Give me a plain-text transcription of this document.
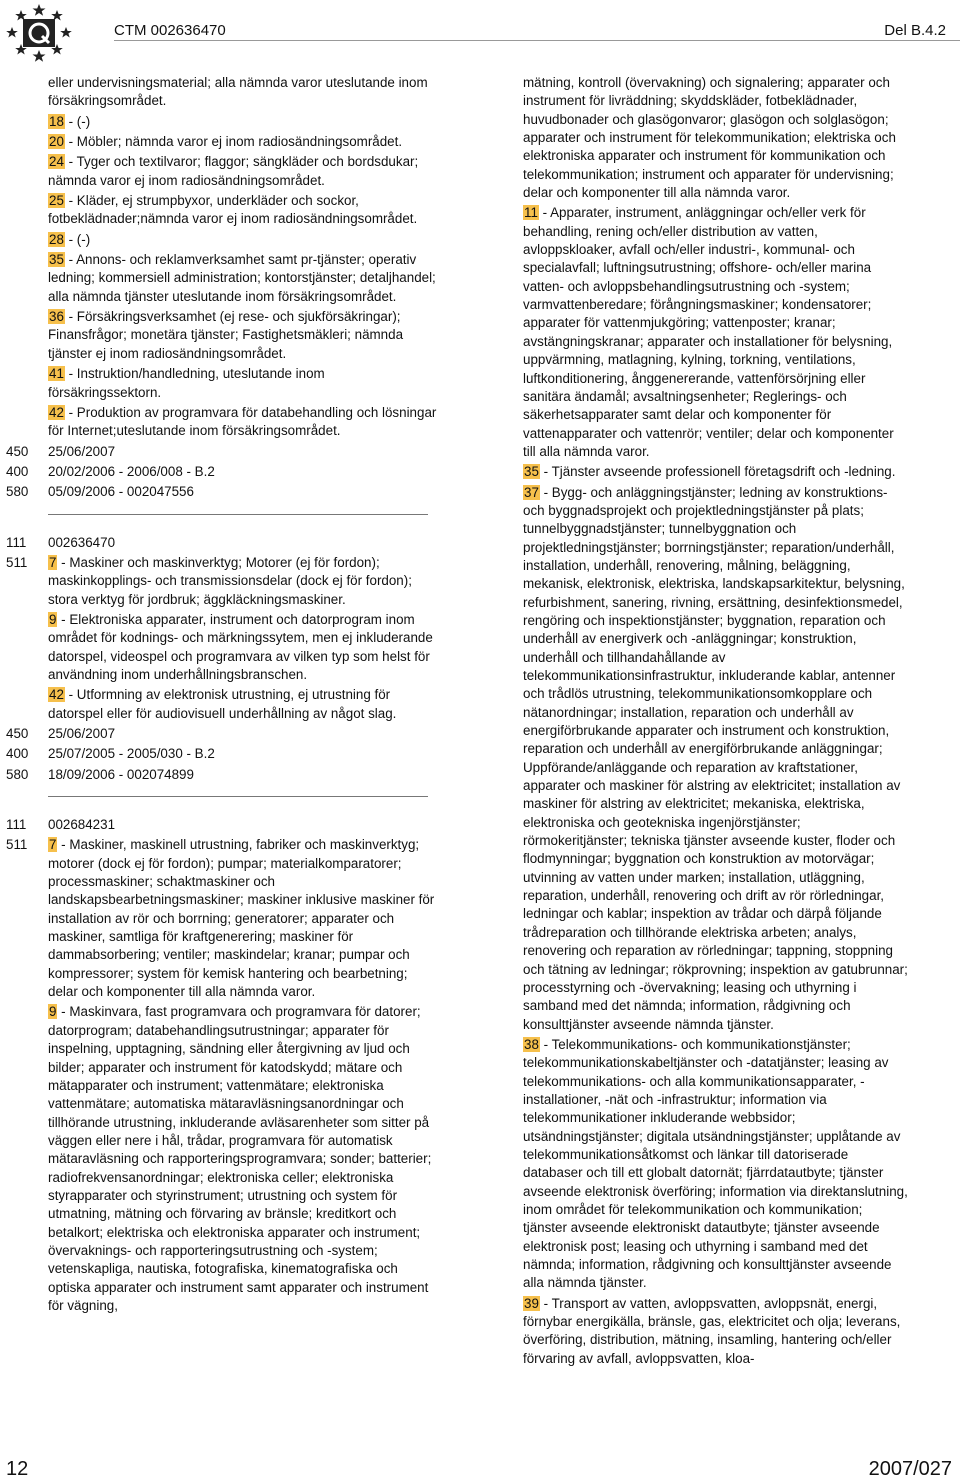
CTM 002636470	Del B.4.2

eller undervisningsmaterial; alla nämnda varor uteslutande inom försäkringsområdet.

18 - (-)

20 - Möbler; nämnda varor ej inom radiosändningsområdet.

24 - Tyger och textilvaror; flaggor; sängkläder och bordsdukar; nämnda varor ej inom radiosändningsområdet.

25 - Kläder, ej strumpbyxor, underkläder och sockor, fotbeklädnader;nämnda varor ej inom radiosändningsområdet.

28 - (-)

35 - Annons- och reklamverksamhet samt pr-tjänster; operativ ledning; kommersiell administration; kontorstjänster; detaljhandel; alla nämnda tjänster uteslutande inom försäkringsområdet.

36 - Försäkringsverksamhet (ej rese- och sjukförsäkringar); Finansfrågor; monetära tjänster; Fastighetsmäkleri; nämnda tjänster ej inom radiosändningsområdet.

41 - Instruktion/handledning, uteslutande inom försäkringssektorn.

42 - Produktion av programvara för databehandling och lösningar för Internet;uteslutande inom försäkringsområdet.

450	25/06/2007

400	20/02/2006 - 2006/008 - B.2

580	05/09/2006 - 002047556

111	002636470

511	7 - Maskiner och maskinverktyg; Motorer (ej för fordon); maskinkopplings- och transmissionsdelar (dock ej för fordon); stora verktyg för jordbruk; äggkläckningsmaskiner.

9 - Elektroniska apparater, instrument och datorprogram inom området för kodnings- och märkningssytem, men ej inkluderande datorspel, videospel och programvara av vilken typ som helst för användning inom underhållningsbranschen.

42 - Utformning av elektronisk utrustning, ej utrustning för datorspel eller för audiovisuell underhållning av något slag.

450	25/06/2007

400	25/07/2005 - 2005/030 - B.2

580	18/09/2006 - 002074899

111	002684231

511	7 - Maskiner, maskinell utrustning, fabriker och maskinverktyg; motorer (dock ej för fordon); pumpar; materialkomparatorer; processmaskiner; schaktmaskiner och landskapsbearbetningsmaskiner; maskiner inklusive maskiner för installation av rör och borrning; generatorer; apparater och maskiner, samtliga för kraftgenerering; maskiner för dammabsorbering; ventiler; maskindelar; kranar; pumpar och kompressorer; system för kemisk hantering och bearbetning; delar och komponenter till alla nämnda varor.

9 - Maskinvara, fast programvara och programvara för datorer; datorprogram; databehandlingsutrustningar; apparater för inspelning, upptagning, sändning eller återgivning av ljud och bilder; apparater och instrument för katodskydd; mätare och mätapparater och instrument; vattenmätare; elektroniska vattenmätare; automatiska mätaravläsningsanordningar och tillhörande utrustning, inkluderande avläsarenheter som sitter på väggen eller nere i hål, trådar, programvara för automatisk mätaravläsning och rapporteringsprogramvara; sonder; batterier; radiofrekvensanordningar; elektroniska celler; elektroniska styrapparater och styrinstrument; utrustning och system för utmatning, mätning och förvaring av bränsle; kreditkort och betalkort; elektriska och elektroniska apparater och instrument; övervaknings- och rapporteringsutrustning och -system; vetenskapliga, nautiska, fotografiska, kinematografiska och optiska apparater och instrument samt apparater och instrument för vägning,

mätning, kontroll (övervakning) och signalering; apparater och instrument för livräddning; skyddskläder, fotbeklädnader, huvudbonader och glasögonvaror; glasögon och solglasögon; apparater och instrument för telekommunikation; elektriska och elektroniska apparater och instrument för kommunikation och telekommunikation; instrument och apparater för undervisning; delar och komponenter till alla nämnda varor.

11 - Apparater, instrument, anläggningar och/eller verk för behandling, rening och/eller distribution av vatten, avloppskloaker, avfall och/eller industri-, kommunal- och specialavfall; luftningsutrustning; offshore- och/eller marina vatten- och avloppsbehandlingsutrustning och -system; varmvattenberedare; förångningsmaskiner; kondensatorer; apparater för vattenmjukgöring; vattenposter; kranar; avstängningskranar; apparater och installationer för belysning, uppvärmning, matlagning, kylning, torkning, ventilations, luftkonditionering, ånggenererande, vattenförsörjning eller sanitära ändamål; avsaltningsenheter; Reglerings- och säkerhetsapparater samt delar och komponenter för vattenapparater och vattenrör; ventiler; delar och komponenter till alla nämnda varor.

35 - Tjänster avseende professionell företagsdrift och -ledning.

37 - Bygg- och anläggningstjänster; ledning av konstruktions- och byggnadsprojekt och projektledningstjänster på plats; tunnelbyggnadstjänster; tunnelbyggnation och projektledningstjänster; borrningstjänster; reparation/underhåll, installation, underhåll, renovering, målning, beläggning, mekanisk, elektronisk, elektriska, landskapsarkitektur, belysning, refurbishment, sanering, rivning, ersättning, desinfektionsmedel, rengöring och inspektionstjänster; byggnation, reparation och underhåll av energiverk och -anläggningar; konstruktion, underhåll och tillhandahållande av telekommunikationsinfrastruktur, inkluderande kablar, antenner och trådlös utrustning, telekommunikationsomkopplare och nätanordningar; installation, reparation och underhåll av energiförbrukande apparater och instrument och konstruktion, reparation och underhåll av energiförbrukande anläggningar; Uppförande/anläggande och reparation av kraftstationer, apparater och maskiner för alstring av elektricitet; installation av maskiner för alstring av elektricitet; mekaniska, elektriska, elektroniska och geotekniska ingenjörstjänster; rörmokeritjänster; tekniska tjänster avseende kuster, floder och flodmynningar; byggnation och konstruktion av motorvägar; utvinning av vatten under marken; installation, utläggning, reparation, underhåll, renovering och drift av rör rörledningar, ledningar och kablar; inspektion av trådar och därpå följande trådreparation och tillhörande elektriska arbeten; analys, renovering och reparation av rörledningar; tappning, stoppning och tätning av ledningar; rökprovning; inspektion av gatubrunnar; processtyrning och -övervakning; leasing och uthyrning i samband med det nämnda; information, rådgivning och konsulttjänster avseende nämnda tjänster.

38 - Telekommunikations- och kommunikationstjänster; telekommunikationskabeltjänster och -datatjänster; leasing av telekommunikations- och alla kommunikationsapparater, -installationer, -nät och -infrastruktur; information via telekommunikationer inkluderande webbsidor; utsändningstjänster; digitala utsändningstjänster; upplåtande av telekommunikationsåtkomst och länkar till datoriserade databaser och till ett globalt datornät; fjärrdatautbyte; tjänster avseende elektronisk överföring; information via direktanslutning, inom området för telekommunikation och kommunikation; tjänster avseende elektroniskt datautbyte; tjänster avseende elektronisk post; leasing och uthyrning i samband med det nämnda; information, rådgivning och konsulttjänster avseende alla nämnda tjänster.

39 - Transport av vatten, avloppsvatten, avloppsnät, energi, förnybar energikälla, bränsle, gas, elektricitet och olja; leverans, överföring, distribution, mätning, insamling, hantering och/eller förvaring av avfall, avloppsvatten, kloa-

12	2007/027
